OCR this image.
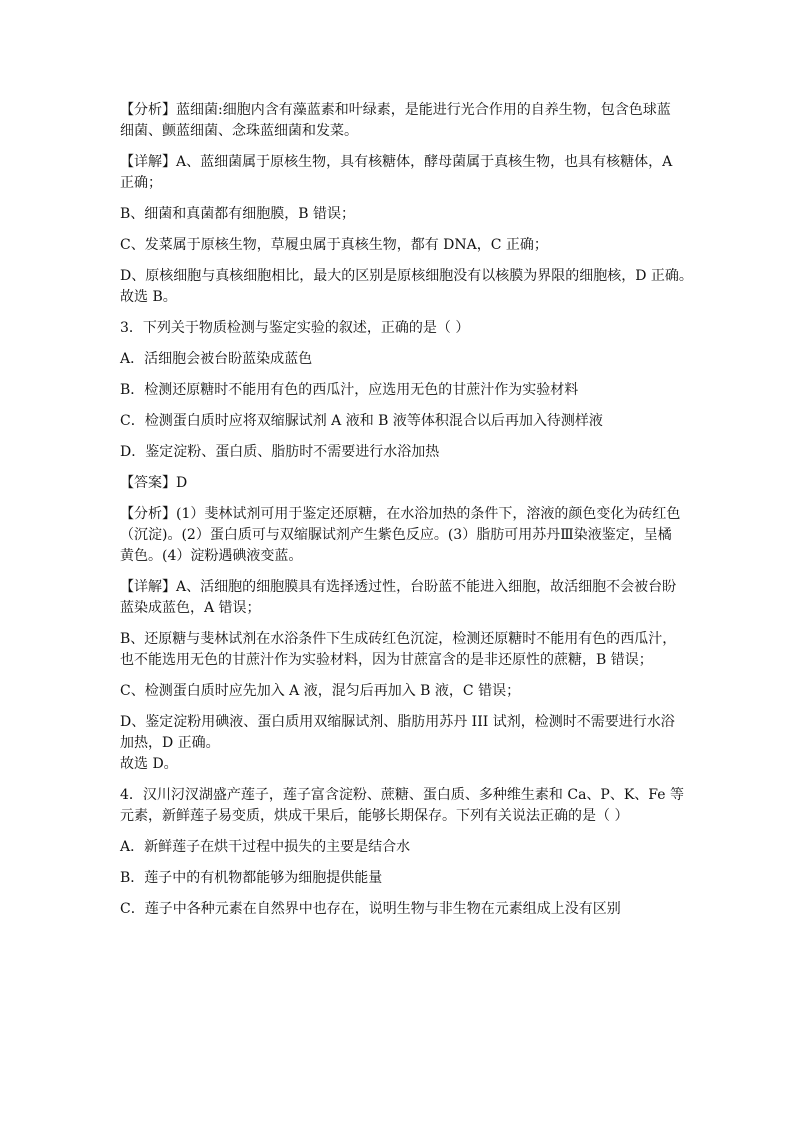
【分析】蓝细菌:细胞内含有藻蓝素和叶绿素，是能进行光合作用的自养生物，包含色球蓝
细菌、颤蓝细菌、念珠蓝细菌和发菜。
【详解】A、蓝细菌属于原核生物，具有核糖体，酵母菌属于真核生物，也具有核糖体，A
正确；
B、细菌和真菌都有细胞膜，B 错误；
C、发菜属于原核生物，草履虫属于真核生物，都有 DNA，C 正确；
D、原核细胞与真核细胞相比，最大的区别是原核细胞没有以核膜为界限的细胞核，D 正确。
故选 B。
3．下列关于物质检测与鉴定实验的叙述，正确的是（ ）
A．活细胞会被台盼蓝染成蓝色
B．检测还原糖时不能用有色的西瓜汁，应选用无色的甘蔗汁作为实验材料
C．检测蛋白质时应将双缩脲试剂 A 液和 B 液等体积混合以后再加入待测样液
D．鉴定淀粉、蛋白质、脂肪时不需要进行水浴加热
【答案】D
【分析】(1）斐林试剂可用于鉴定还原糖，在水浴加热的条件下，溶液的颜色变化为砖红色
（沉淀)。(2）蛋白质可与双缩脲试剂产生紫色反应。(3）脂肪可用苏丹Ⅲ染液鉴定，呈橘
黄色。(4）淀粉遇碘液变蓝。
【详解】A、活细胞的细胞膜具有选择透过性，台盼蓝不能进入细胞，故活细胞不会被台盼
蓝染成蓝色，A 错误；
B、还原糖与斐林试剂在水浴条件下生成砖红色沉淀，检测还原糖时不能用有色的西瓜汁，
也不能选用无色的甘蔗汁作为实验材料，因为甘蔗富含的是非还原性的蔗糖，B 错误；
C、检测蛋白质时应先加入 A 液，混匀后再加入 B 液，C 错误；
D、鉴定淀粉用碘液、蛋白质用双缩脲试剂、脂肪用苏丹 III 试剂，检测时不需要进行水浴
加热，D 正确。
故选 D。
4．汉川汈汊湖盛产莲子，莲子富含淀粉、蔗糖、蛋白质、多种维生素和 Ca、P、K、Fe 等
元素，新鲜莲子易变质，烘成干果后，能够长期保存。下列有关说法正确的是（ ）
A．新鲜莲子在烘干过程中损失的主要是结合水
B．莲子中的有机物都能够为细胞提供能量
C．莲子中各种元素在自然界中也存在，说明生物与非生物在元素组成上没有区别
